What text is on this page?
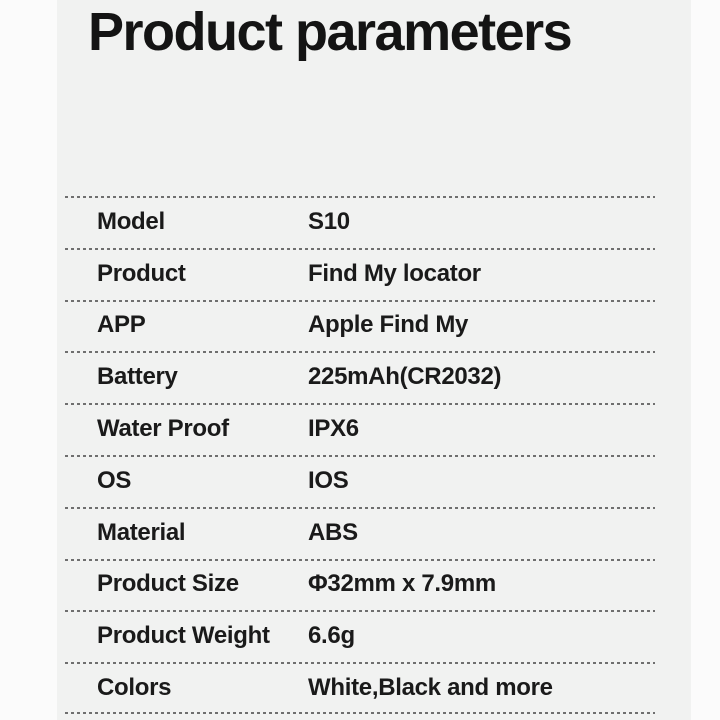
Product parameters
Model	S10
Product	Find My locator
APP	Apple Find My
Battery	225mAh(CR2032)
Water Proof	IPX6
OS	IOS
Material	ABS
Product Size	Φ32mm x 7.9mm
Product Weight	6.6g
Colors	White,Black and more
